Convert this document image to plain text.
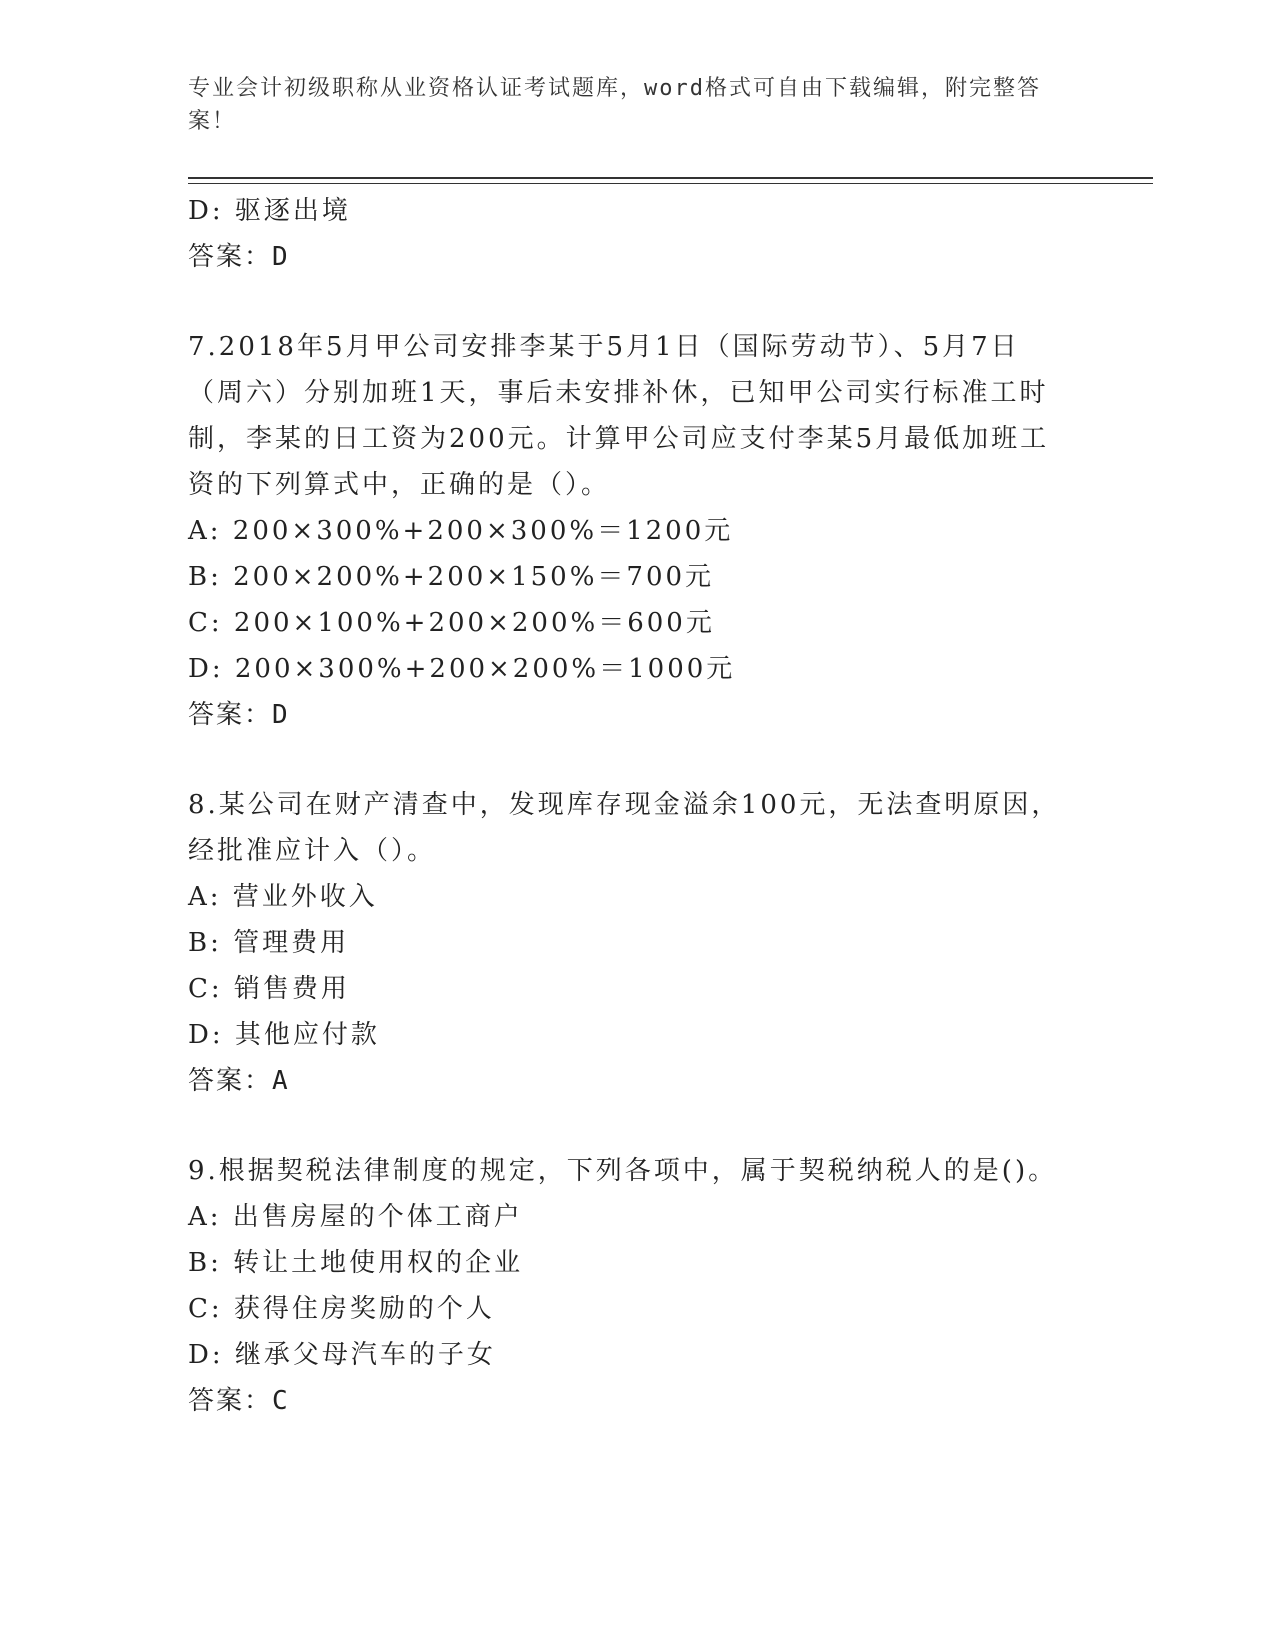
专业会计初级职称从业资格认证考试题库，word格式可自由下载编辑，附完整答
案！
D: 驱逐出境
答案：D
7.2018年5月甲公司安排李某于5月1日（国际劳动节）、5月7日
（周六）分别加班1天，事后未安排补休，已知甲公司实行标准工时
制，李某的日工资为200元。计算甲公司应支付李某5月最低加班工
资的下列算式中，正确的是（）。
A: 200×300%+200×300%＝1200元
B: 200×200%+200×150%＝700元
C: 200×100%+200×200%＝600元
D: 200×300%+200×200%＝1000元
答案：D
8.某公司在财产清查中，发现库存现金溢余100元，无法查明原因，
经批准应计入（）。
A: 营业外收入
B: 管理费用
C: 销售费用
D: 其他应付款
答案：A
9.根据契税法律制度的规定，下列各项中，属于契税纳税人的是()。
A: 出售房屋的个体工商户
B: 转让土地使用权的企业
C: 获得住房奖励的个人
D: 继承父母汽车的子女
答案：C
